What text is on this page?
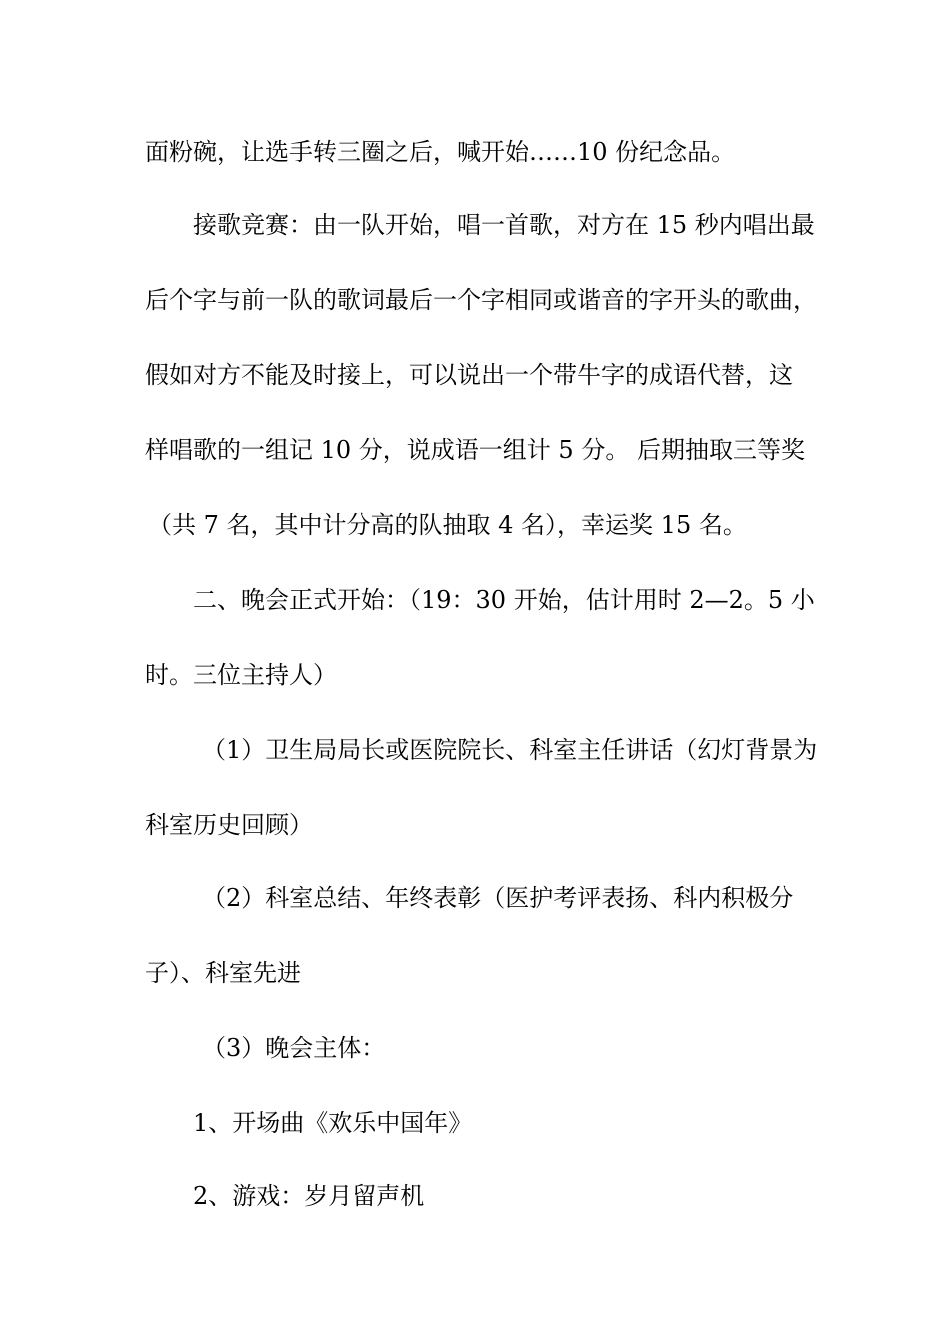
面粉碗，让选手转三圈之后，喊开始……10 份纪念品。
接歌竞赛：由一队开始，唱一首歌，对方在 15 秒内唱出最
后个字与前一队的歌词最后一个字相同或谐音的字开头的歌曲，
假如对方不能及时接上，可以说出一个带牛字的成语代替，这
样唱歌的一组记 10 分，说成语一组计 5 分。 后期抽取三等奖
（共 7 名，其中计分高的队抽取 4 名），幸运奖 15 名。
二、晚会正式开始：（19：30 开始，估计用时 2—2。5 小
时。三位主持人）
（1）卫生局局长或医院院长、科室主任讲话（幻灯背景为
科室历史回顾）
（2）科室总结、年终表彰（医护考评表扬、科内积极分
子）、科室先进
（3）晚会主体：
1、开场曲《欢乐中国年》
2、游戏：岁月留声机
